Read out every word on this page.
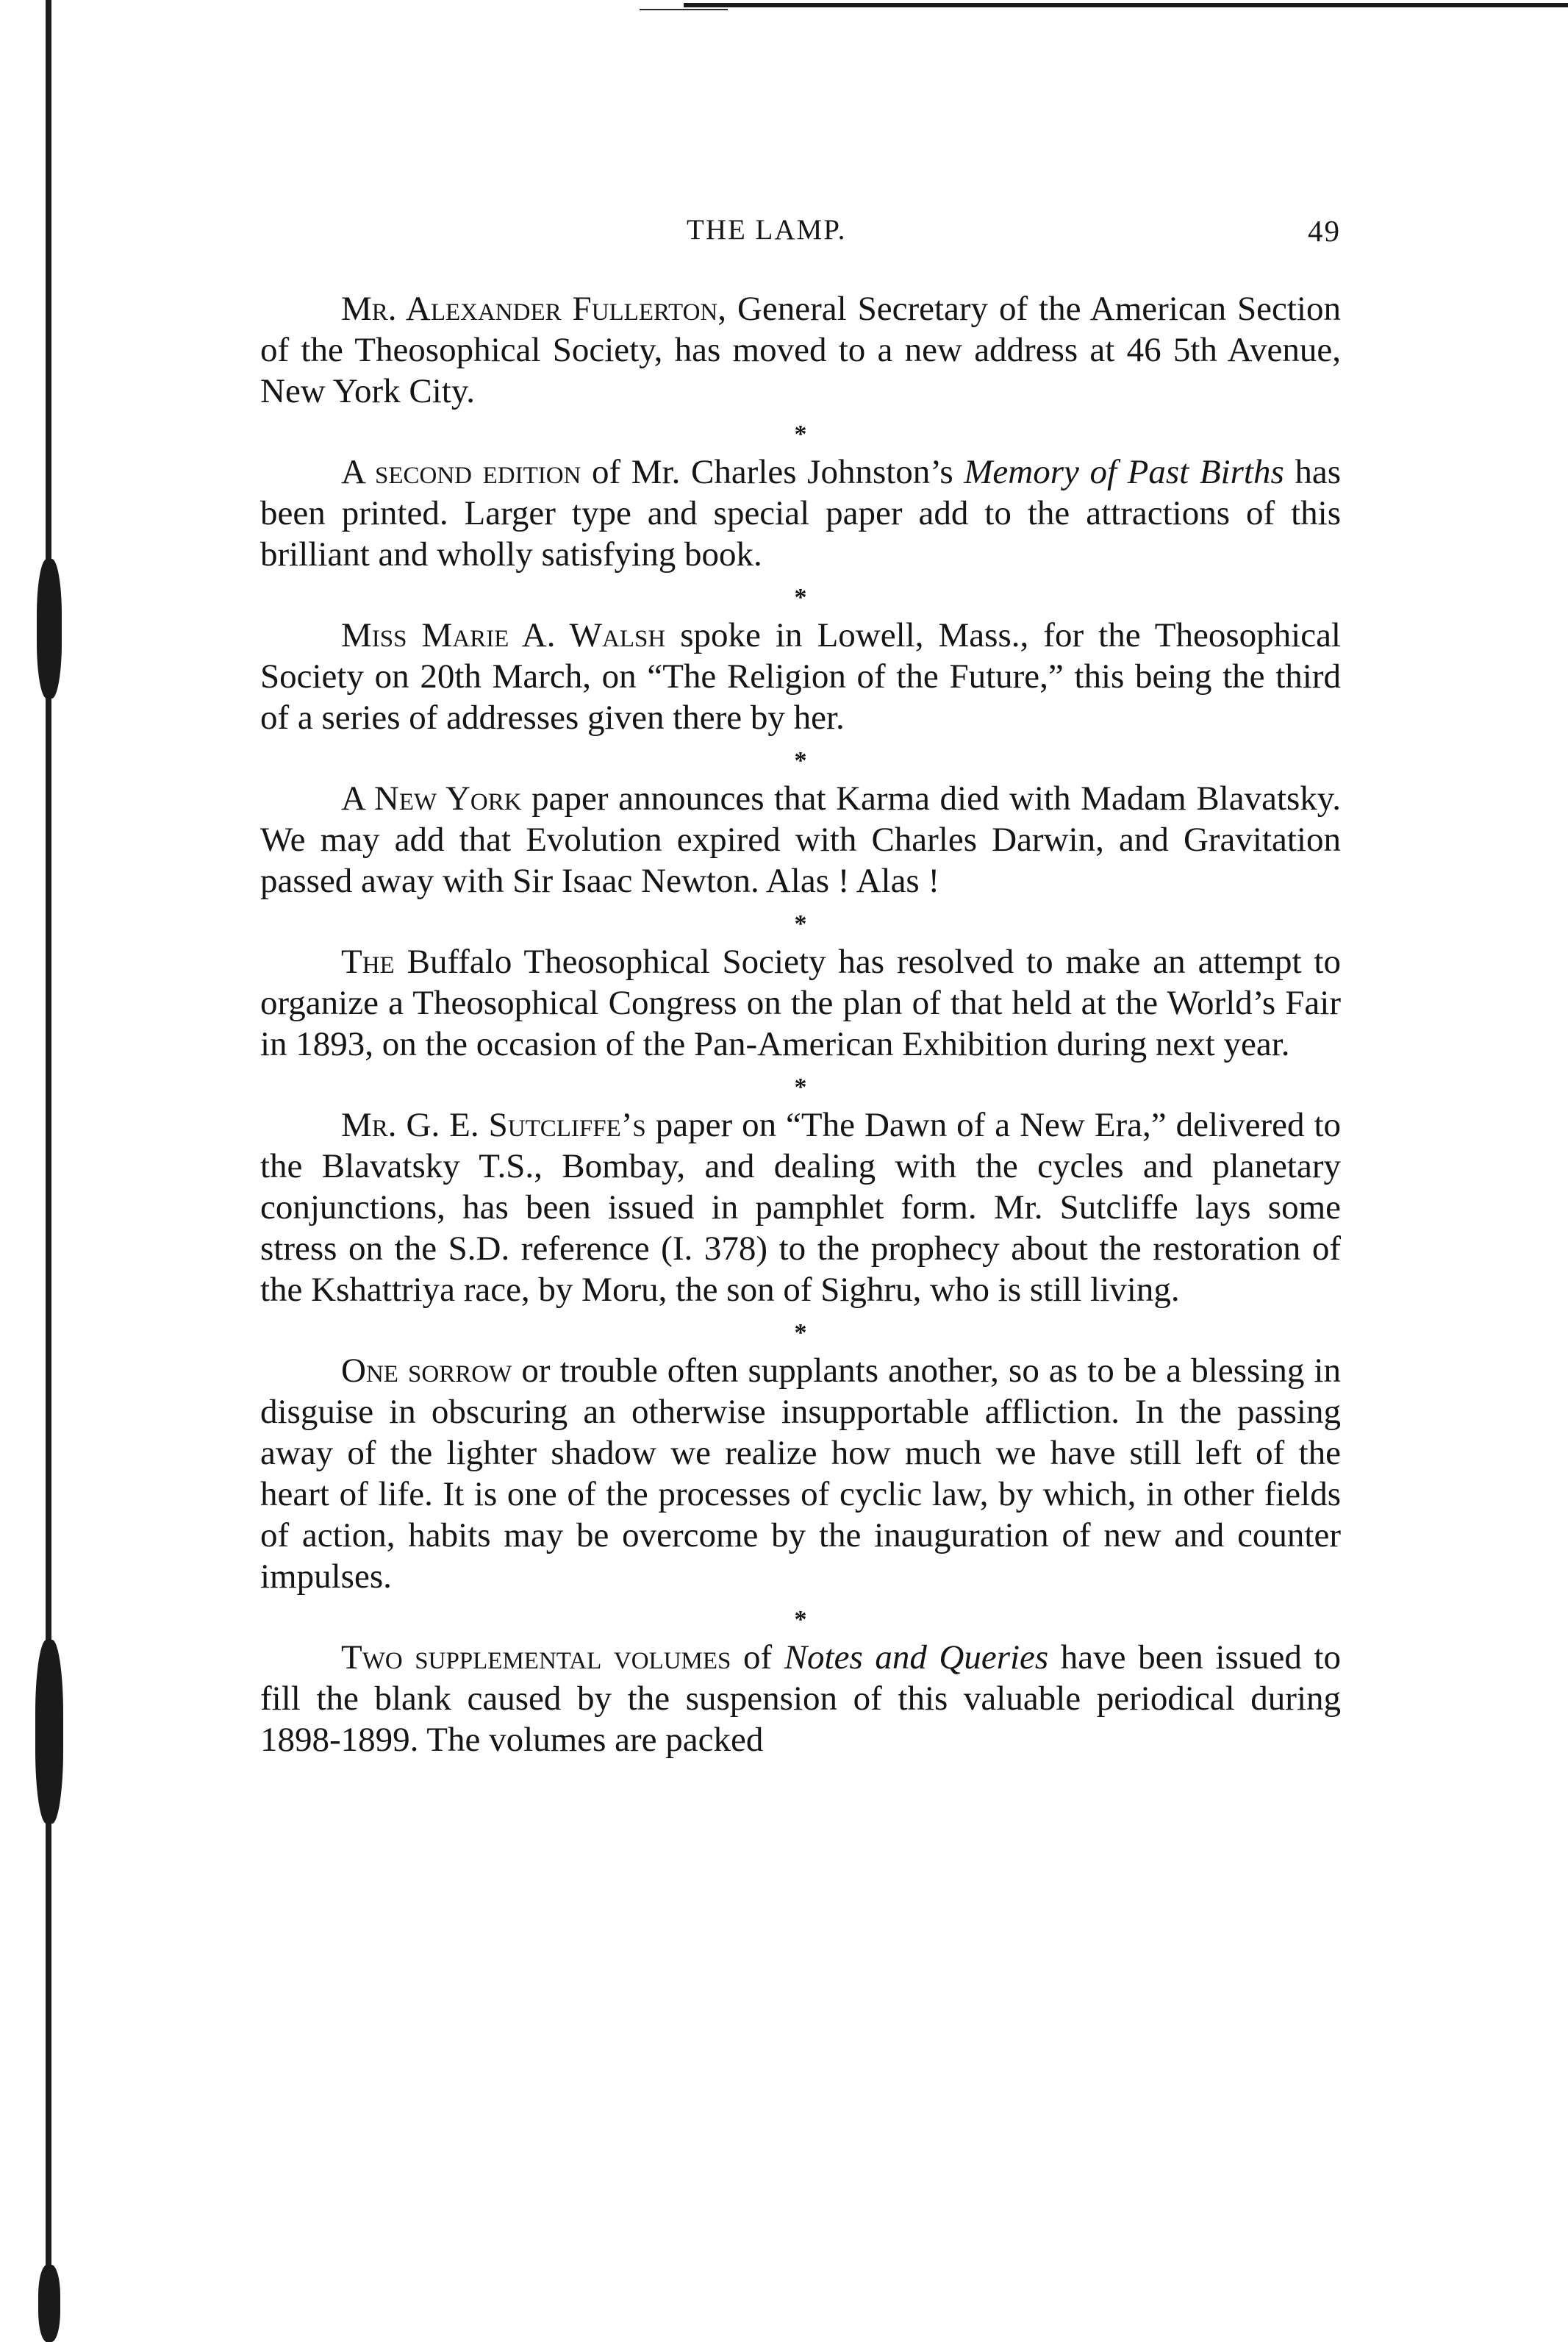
THE LAMP.	49

Mr. Alexander Fullerton, General Secretary of the American Section of the Theosophical Society, has moved to a new address at 46 5th Avenue, New York City.

*

A second edition of Mr. Charles Johnston’s Memory of Past Births has been printed. Larger type and special paper add to the attractions of this brilliant and wholly satisfying book.

*

Miss Marie A. Walsh spoke in Lowell, Mass., for the Theosophical Society on 20th March, on “The Religion of the Future,” this being the third of a series of addresses given there by her.

*

A New York paper announces that Karma died with Madam Blavatsky. We may add that Evolution expired with Charles Darwin, and Gravitation passed away with Sir Isaac Newton. Alas ! Alas !

*

The Buffalo Theosophical Society has resolved to make an attempt to organize a Theosophical Congress on the plan of that held at the World’s Fair in 1893, on the occasion of the Pan-American Exhibition during next year.

*

Mr. G. E. Sutcliffe’s paper on “The Dawn of a New Era,” delivered to the Blavatsky T.S., Bombay, and dealing with the cycles and planetary conjunctions, has been issued in pamphlet form. Mr. Sutcliffe lays some stress on the S.D. reference (I. 378) to the prophecy about the restoration of the Kshattriya race, by Moru, the son of Sighru, who is still living.

*

One sorrow or trouble often supplants another, so as to be a blessing in disguise in obscuring an otherwise insupportable affliction. In the passing away of the lighter shadow we realize how much we have still left of the heart of life. It is one of the processes of cyclic law, by which, in other fields of action, habits may be overcome by the inauguration of new and counter impulses.

*

Two supplemental volumes of Notes and Queries have been issued to fill the blank caused by the suspension of this valuable periodical during 1898-1899. The volumes are packed
